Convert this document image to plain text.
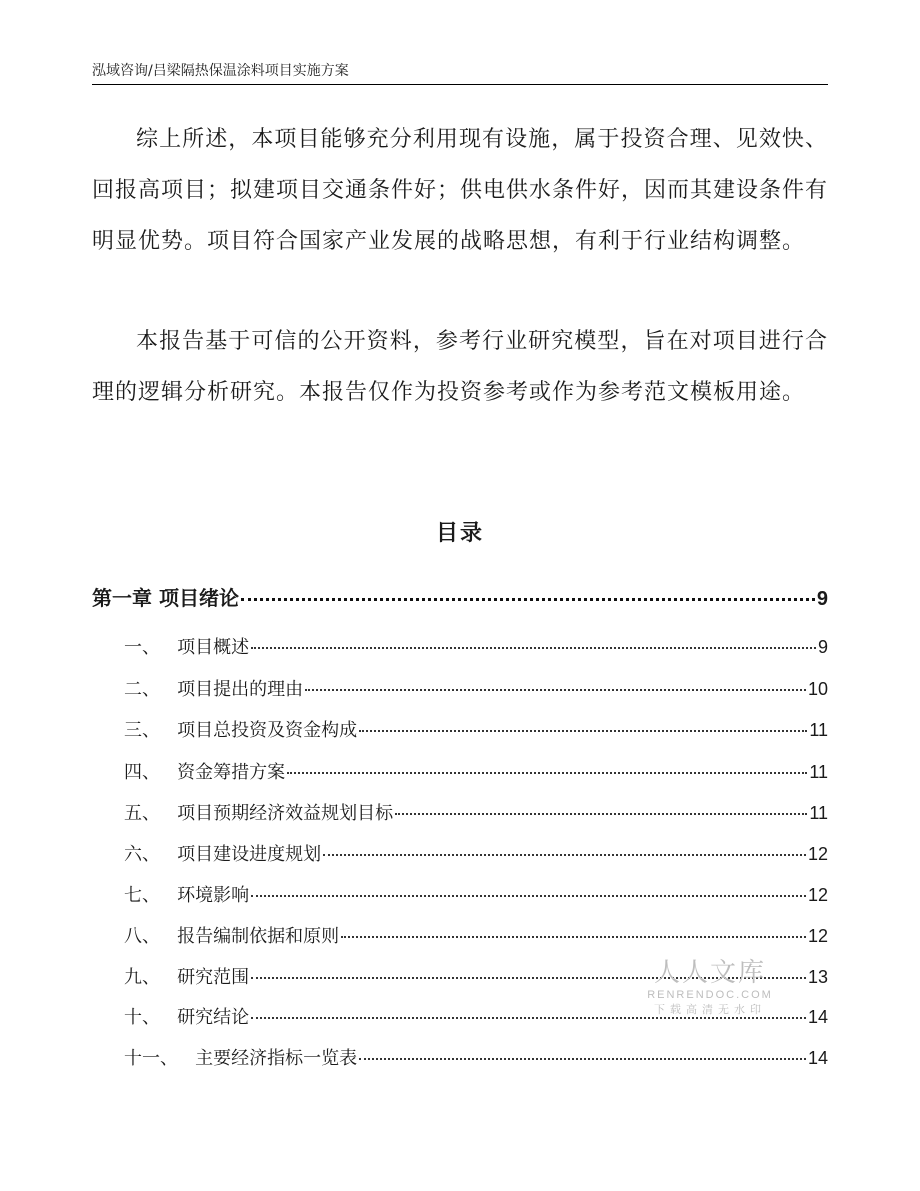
泓域咨询/吕梁隔热保温涂料项目实施方案

综上所述，本项目能够充分利用现有设施，属于投资合理、见效快、回报高项目；拟建项目交通条件好；供电供水条件好，因而其建设条件有明显优势。项目符合国家产业发展的战略思想，有利于行业结构调整。

本报告基于可信的公开资料，参考行业研究模型，旨在对项目进行合理的逻辑分析研究。本报告仅作为投资参考或作为参考范文模板用途。

目录
第一章 项目绪论	9
一、 项目概述	9
二、 项目提出的理由	10
三、 项目总投资及资金构成	11
四、 资金筹措方案	11
五、 项目预期经济效益规划目标	11
六、 项目建设进度规划	12
七、 环境影响	12
八、 报告编制依据和原则	12
九、 研究范围	13
十、 研究结论	14
十一、 主要经济指标一览表	14
人人文库
RENRENDOC.COM
下载高清无水印
